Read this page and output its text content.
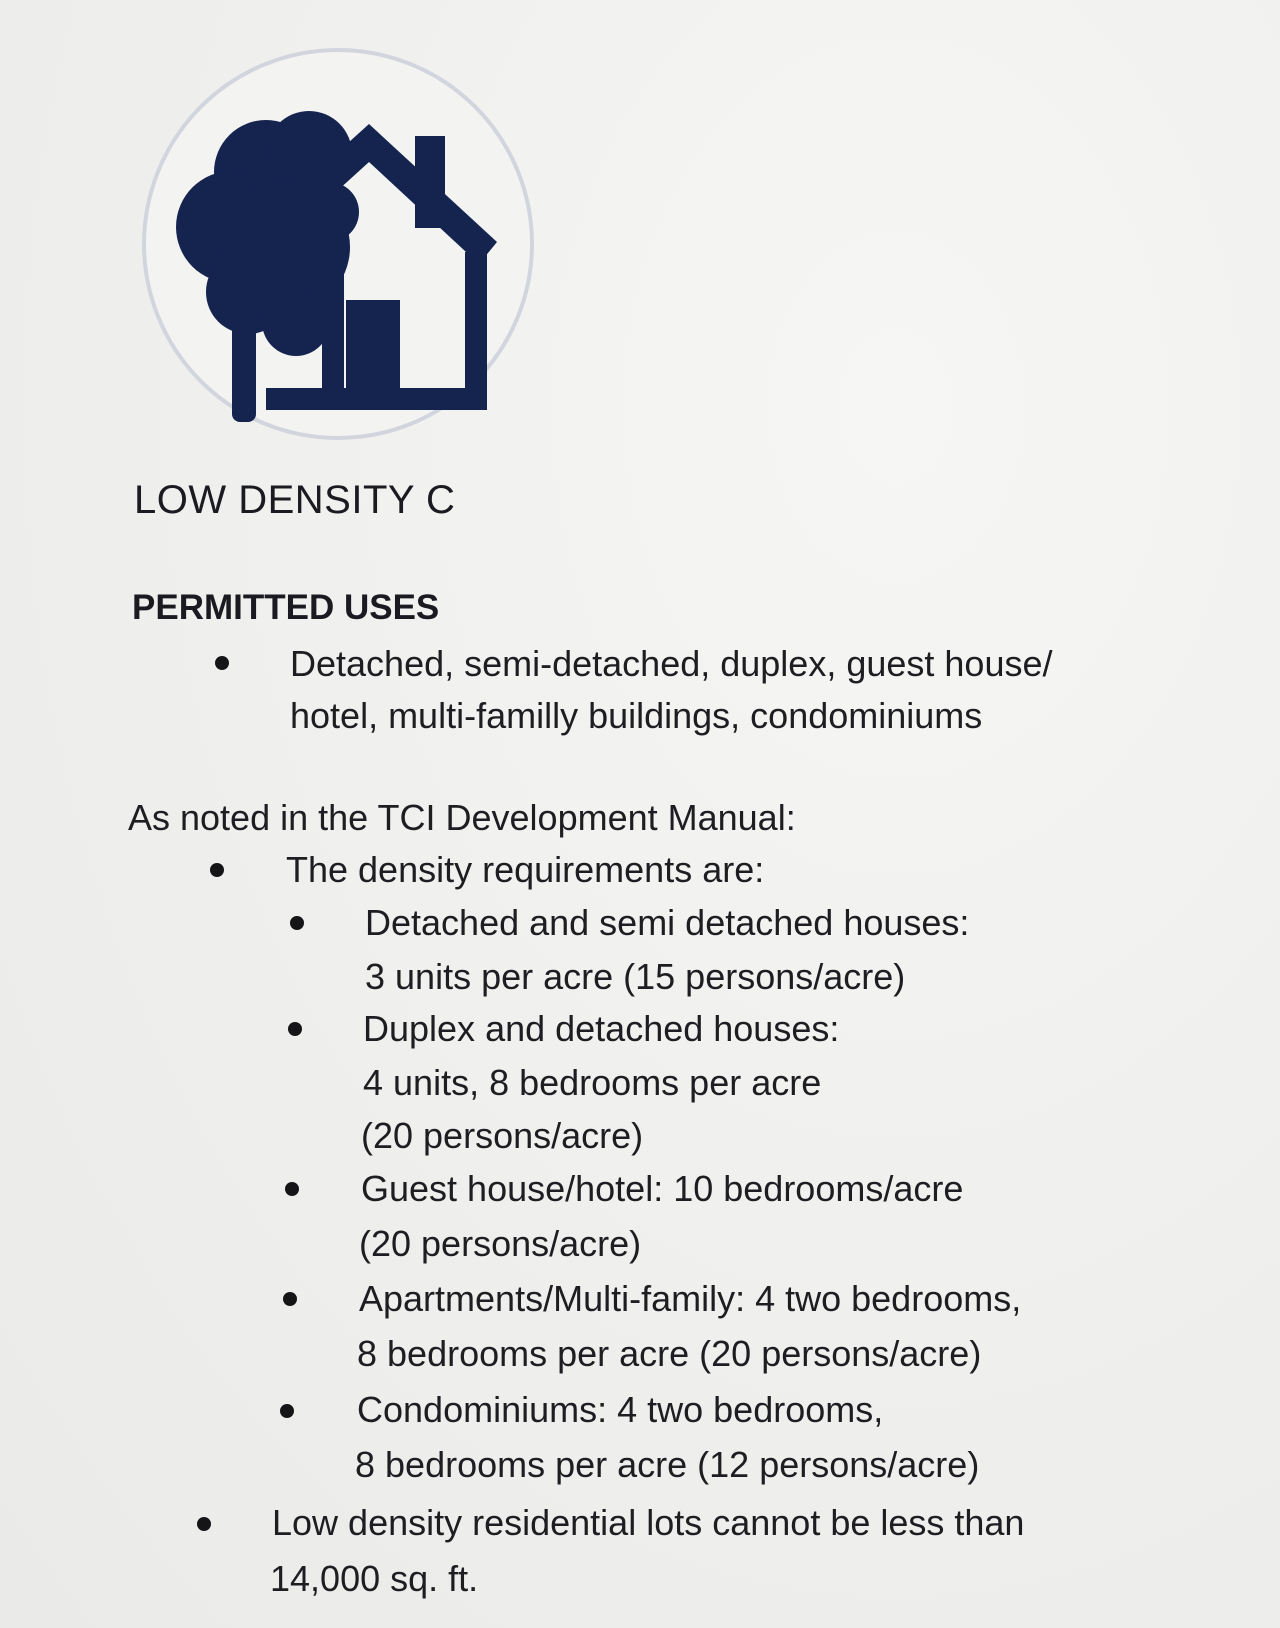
LOW DENSITY C
PERMITTED USES
Detached, semi-detached, duplex, guest house/
hotel, multi-familly buildings, condominiums
As noted in the TCI Development Manual:
The density requirements are:
Detached and semi detached houses:
3 units per acre (15 persons/acre)
Duplex and detached houses:
4 units, 8 bedrooms per acre
(20 persons/acre)
Guest house/hotel: 10 bedrooms/acre
(20 persons/acre)
Apartments/Multi-family: 4 two bedrooms,
8 bedrooms per acre (20 persons/acre)
Condominiums: 4 two bedrooms,
8 bedrooms per acre (12 persons/acre)
Low density residential lots cannot be less than
14,000 sq. ft.
